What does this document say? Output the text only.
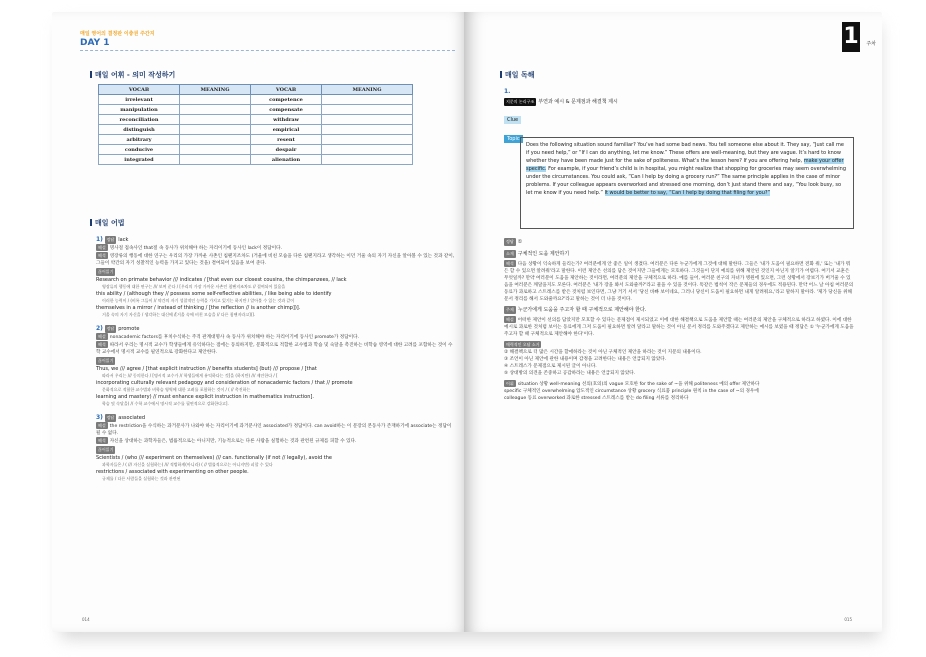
매일 영어의 결정판 이충권 주간지
DAY 1
매일 어휘 - 의미 작성하기
VOCAB	MEANING	VOCAB	MEANING
irrelevant		competence	
manipulation		compensate	
reconciliation		withdraw	
distinguish		empirical	
arbitrary		resent	
conducive		despair	
integrated		alienation	
매일 어법
1) 정답 lack
해설 명사절 접속사인 that절 속 동사가 위치해야 하는 자리이기에 동사인 lack이 정답이다.
해석 영장류의 행동에 대한 연구는 우리의 가장 가까운 사촌인 침팬지조차도 (거울에 비친 모습을 다른 침팬지라고 생각하는 이던 거울 속의 자기 자신을 알아볼 수 있는 것과 같이, 그들이 약간의 자기 성찰적인 능력을 가지고 있다는 것을) 결여되어 있음을 보여 준다.
끊어읽기
Research on primate behavior /// indicates / [that even our closest cousins, the chimpanzees, // lack
영장류의 행동에 대한 연구는 /// 보여 준다 / [우리의 가장 가까운 사촌인 침팬지조차도 // 결여되어 있음을
this ability / (although they // possess some self-reflective abilities, / like being able to identify
이러한 능력이 / (비록 그들이 // 약간의 자기 성찰적인 능력을 가지고 있기는 하지만 / 알아볼 수 있는 것과 같이
themselves in a mirror / instead of thinking / [the reflection // is another chimp])].
거울 속의 자기 자신을 / 생각하는 대신에 /[거울 속에 비친 모습을 // 다른 침팬지라고])].
2) 정답 promote
해설 nonacademic factors를 후치수식하는 주격 관계대명사 속 동사가 위치해야 하는 자리이기에 동사인 promote가 정답이다.
해석 따라서 우리는 명시적 교수가 학생들에게 유익하다는 점에는 동의하지만, 문화적으로 적합한 교수법과 학습 및 숙달을 촉진하는 비학습 영역에 대한 고려를 포함하는 것이 수학 교수에서 명시적 교수를 필연적으로 강화한다고 제안한다.
끊어읽기
Thus, we /// agree / [that explicit instruction // benefits students] (but) /// propose / [that
따라서 우리는 /// 동의한다 / [명시적 교수가 // 학생들에게 유익하다는 것]을 (하지만) /// 제안한다 / [
incorporating culturally relevant pedagogy and consideration of nonacademic factors / that // promote
문화적으로 적합한 교수법과 비학습 영역에 대한 고려를 포함하는 것이 / ( // 촉진하는
learning and mastery) // must enhance explicit instruction in mathematics instruction].
학습 및 숙달을) // 수학 교수에서 명시적 교수를 필연적으로 강화한다고].
3) 정답 associated
해설 the restriction을 수식하는 과거분사가 나와야 하는 자리이기에 과거분사인 associated가 정답이다. can avoid하는 이 문장의 본동사가 존재하기에 associate는 정답이 될 수 없다.
해석 자신을 상대하는 과학자들은, 법률적으로는 아니지만, 기능적으로는 다른 사람을 실험하는 것과 관련된 규제를 피할 수 있다.
끊어읽기
Scientists / (who /// experiment on themselves) /// can. functionally (if not // legally), avoid the
과학자들은 / ( /// 자신을 실험하는) /// 적법하게(아니라) ( // 법률적으로는 아니지만) 피할 수 있다
restrictions / associated with experimenting on other people.
규제를 / 다른 사람들을 실험하는 것과 관련된
014
1 주차
매일 독해
1.
지문의 논리구조 부연과 예시 & 문제점과 해결책 제시
Clue
Topic
Does the following situation sound familiar? You’ve had some bad news. You tell someone else about it. They say, “Just call me if you need help,” or “If I can do anything, let me know.” These offers are well-meaning, but they are vague. It’s hard to know whether they have been made just for the sake of politeness. What’s the lesson here? If you are offering help, make your offer specific. For example, if your friend’s child is in hospital, you might realize that shopping for groceries may seem overwhelming under the circumstances. You could ask, “Can I help by doing a grocery run?” The same principle applies in the case of minor problems. If your colleague appears overworked and stressed one morning, don’t just stand there and say, “You look busy, so let me know if you need help.” It would be better to say, “Can I help by doing that filing for you?”
정답 ①
소재 구체적인 도움 제안하기
해석 다음 상황이 익숙하게 들리는가? 여러분에게 안 좋은 일이 생겼다. 여러분은 다른 누군가에게 그것에 대해 말한다. 그들은 '내가 도움이 필요하면 전화 줘,' 또는 '내가 뭐든 할 수 있으면 알려줘'라고 말한다. 이런 제안은 선의를 담은 것이지만 그들에게는 모호하다. 그것들이 단지 예의를 위해 제안된 것인지 아닌지 알기가 어렵다. 여기서 교훈은 무엇일까? 만약 여러분이 도움을 제안하는 것이라면, 여러분의 제안을 구체적으로 하라. 예를 들어, 여러분 친구의 자녀가 병원에 있으면, 그런 상황에서 장보기가 버거울 수 있음을 여러분은 깨달을지도 모른다. 여러분은 '내가 장을 봐서 도와줄까?'라고 물을 수 있을 것이다. 똑같은 법칙이 작은 문제들의 경우에도 적용된다. 만약 어느 날 아침 여러분의 동료가 과로하고 스트레스를 받은 것처럼 보인다면, 그냥 거기 서서 '당신 바빠 보이네요, 그러니 당신이 도움이 필요하면 내게 알려줘요,'라고 말하지 말아라. '제가 당신을 위해 문서 정리를 해서 도와줄까요?'라고 말하는 것이 더 나을 것이다.
주제 누군가에게 도움을 주고자 할 때 구체적으로 제안해야 한다.
해설 어떠한 제안이 선의를 담았지만 모호할 수 있다는 문제점이 제시되었고 이에 대한 해결책으로 도움을 제안할 때는 여러분의 제안을 구체적으로 하라고 하였다. 이에 대한 예시로 과로한 것처럼 보이는 동료에게 그저 도움이 필요하면 알려 달라고 말하는 것이 아닌 문서 정리를 도와주겠다고 제안하는 예시를 보였을 때 정답은 ① '누군가에게 도움을 주고자 할 때 구체적으로 제안해야 한다'이다.
매력적인 오답 소거
② 해결책으로 더 많은 시간을 할애하라는 것이 아닌 구체적인 제안을 하라는 것이 지문의 내용이다.
③ 조언이 아닌 제안에 관한 내용이며 감정을 고려한다는 내용은 언급되지 않았다.
④ 스트레스가 문제점으로 제시된 글이 아니다.
⑤ 상대방의 의견을 존중하고 공감하라는 내용은 언급되지 않았다.
어휘 situation 상황 well-meaning 선의(호의)의 vague 모호한 for the sake of ~을 위해 politeness 예의 offer 제안하다
specific 구체적인 overwhelming 압도적인 circumstance 상황 grocery 식료품 principle 원칙 in the case of ~의 경우에
colleague 동료 overworked 과로한 stressed 스트레스를 받는 do filing 서류를 정리하다
015
